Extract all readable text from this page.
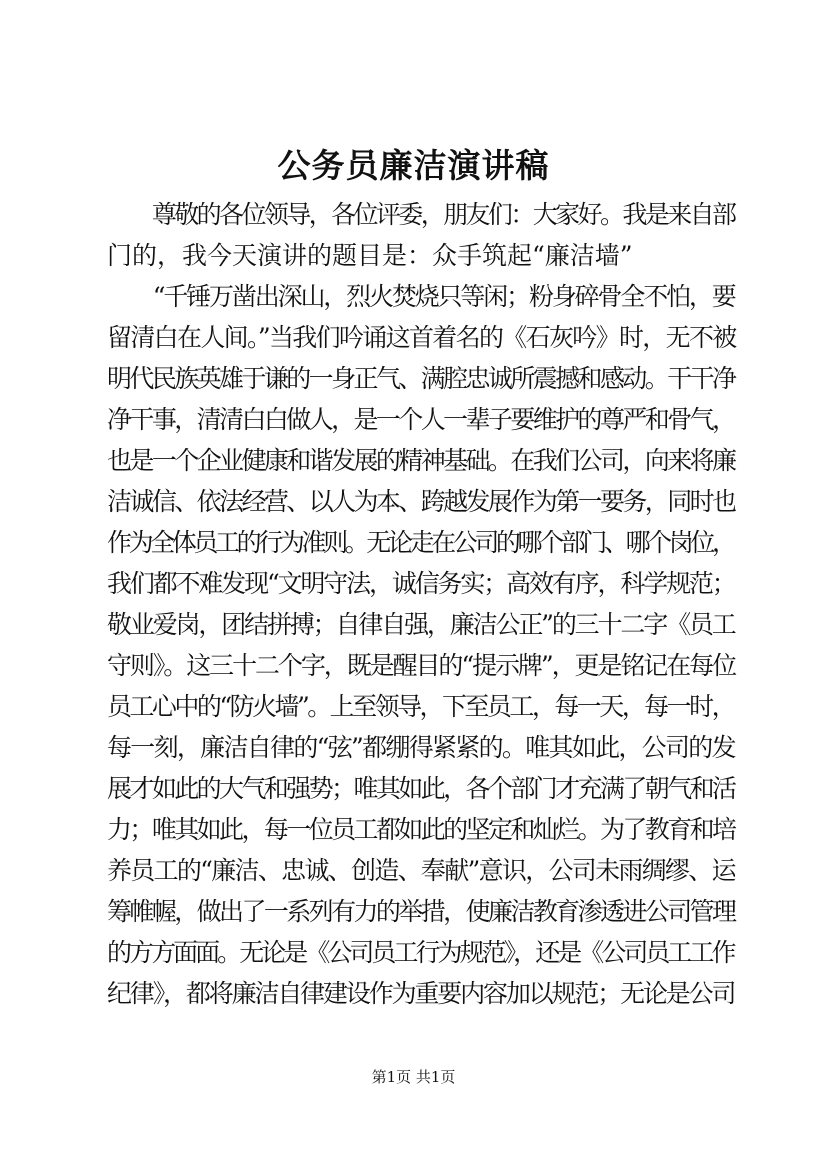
公务员廉洁演讲稿
　　尊敬的各位领导，各位评委，朋友们：大家好。我是来自部
门的，我今天演讲的题目是：众手筑起“廉洁墙”
　　“千锤万凿出深山，烈火焚烧只等闲；粉身碎骨全不怕，要
留清白在人间。”当我们吟诵这首着名的《石灰吟》时，无不被
明代民族英雄于谦的一身正气、满腔忠诚所震撼和感动。干干净
净干事，清清白白做人，是一个人一辈子要维护的尊严和骨气，
也是一个企业健康和谐发展的精神基础。在我们公司，向来将廉
洁诚信、依法经营、以人为本、跨越发展作为第一要务，同时也
作为全体员工的行为准则。无论走在公司的哪个部门、哪个岗位，
我们都不难发现“文明守法，诚信务实；高效有序，科学规范；
敬业爱岗，团结拼搏；自律自强，廉洁公正”的三十二字《员工
守则》。这三十二个字，既是醒目的“提示牌”，更是铭记在每位
员工心中的“防火墙”。上至领导，下至员工，每一天，每一时，
每一刻，廉洁自律的“弦”都绷得紧紧的。唯其如此，公司的发
展才如此的大气和强势；唯其如此，各个部门才充满了朝气和活
力；唯其如此，每一位员工都如此的坚定和灿烂。为了教育和培
养员工的“廉洁、忠诚、创造、奉献”意识，公司未雨绸缪、运
筹帷幄，做出了一系列有力的举措，使廉洁教育渗透进公司管理
的方方面面。无论是《公司员工行为规范》，还是《公司员工工作
纪律》，都将廉洁自律建设作为重要内容加以规范；无论是公司
第1页 共1页
